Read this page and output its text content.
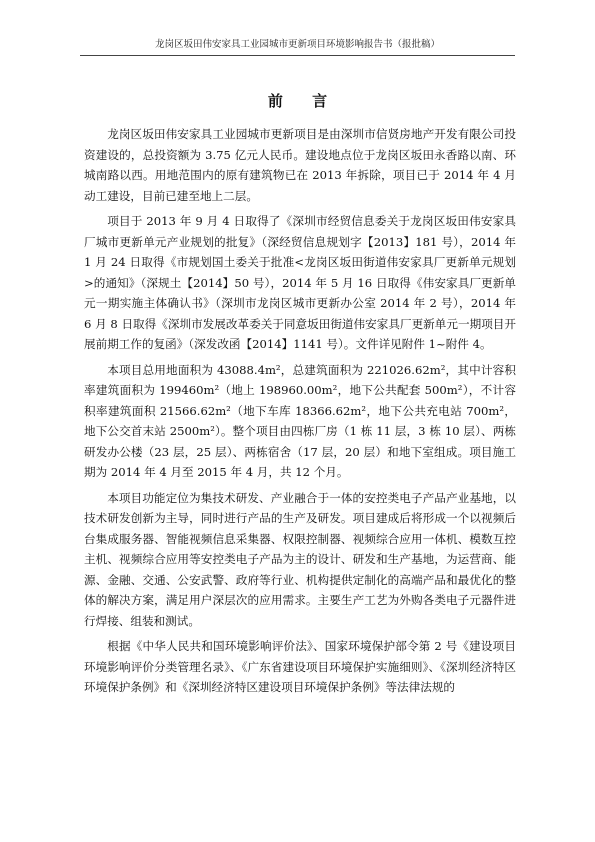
龙岗区坂田伟安家具工业园城市更新项目环境影响报告书（报批稿）
前 言

龙岗区坂田伟安家具工业园城市更新项目是由深圳市信贤房地产开发有限公司投资建设的，总投资额为 3.75 亿元人民币。建设地点位于龙岗区坂田永香路以南、环城南路以西。用地范围内的原有建筑物已在 2013 年拆除，项目已于 2014 年 4 月动工建设，目前已建至地上二层。

项目于 2013 年 9 月 4 日取得了《深圳市经贸信息委关于龙岗区坂田伟安家具厂城市更新单元产业规划的批复》（深经贸信息规划字【2013】181 号），2014 年 1 月 24 日取得《市规划国土委关于批准<龙岗区坂田街道伟安家具厂更新单元规划>的通知》（深规土【2014】50 号），2014 年 5 月 16 日取得《伟安家具厂更新单元一期实施主体确认书》（深圳市龙岗区城市更新办公室 2014 年 2 号），2014 年 6 月 8 日取得《深圳市发展改革委关于同意坂田街道伟安家具厂更新单元一期项目开展前期工作的复函》（深发改函【2014】1141 号）。文件详见附件 1~附件 4。

本项目总用地面积为 43088.4m²，总建筑面积为 221026.62m²，其中计容积率建筑面积为 199460m²（地上 198960.00m²，地下公共配套 500m²），不计容积率建筑面积 21566.62m²（地下车库 18366.62m²，地下公共充电站 700m²，地下公交首末站 2500m²）。整个项目由四栋厂房（1 栋 11 层，3 栋 10 层）、两栋研发办公楼（23 层，25 层）、两栋宿舍（17 层，20 层）和地下室组成。项目施工期为 2014 年 4 月至 2015 年 4 月，共 12 个月。

本项目功能定位为集技术研发、产业融合于一体的安控类电子产品产业基地，以技术研发创新为主导，同时进行产品的生产及研发。项目建成后将形成一个以视频后台集成服务器、智能视频信息采集器、权限控制器、视频综合应用一体机、模数互控主机、视频综合应用等安控类电子产品为主的设计、研发和生产基地，为运营商、能源、金融、交通、公安武警、政府等行业、机构提供定制化的高端产品和最优化的整体的解决方案，满足用户深层次的应用需求。主要生产工艺为外购各类电子元器件进行焊接、组装和测试。

根据《中华人民共和国环境影响评价法》、国家环境保护部令第 2 号《建设项目环境影响评价分类管理名录》、《广东省建设项目环境保护实施细则》、《深圳经济特区环境保护条例》和《深圳经济特区建设项目环境保护条例》等法律法规的
